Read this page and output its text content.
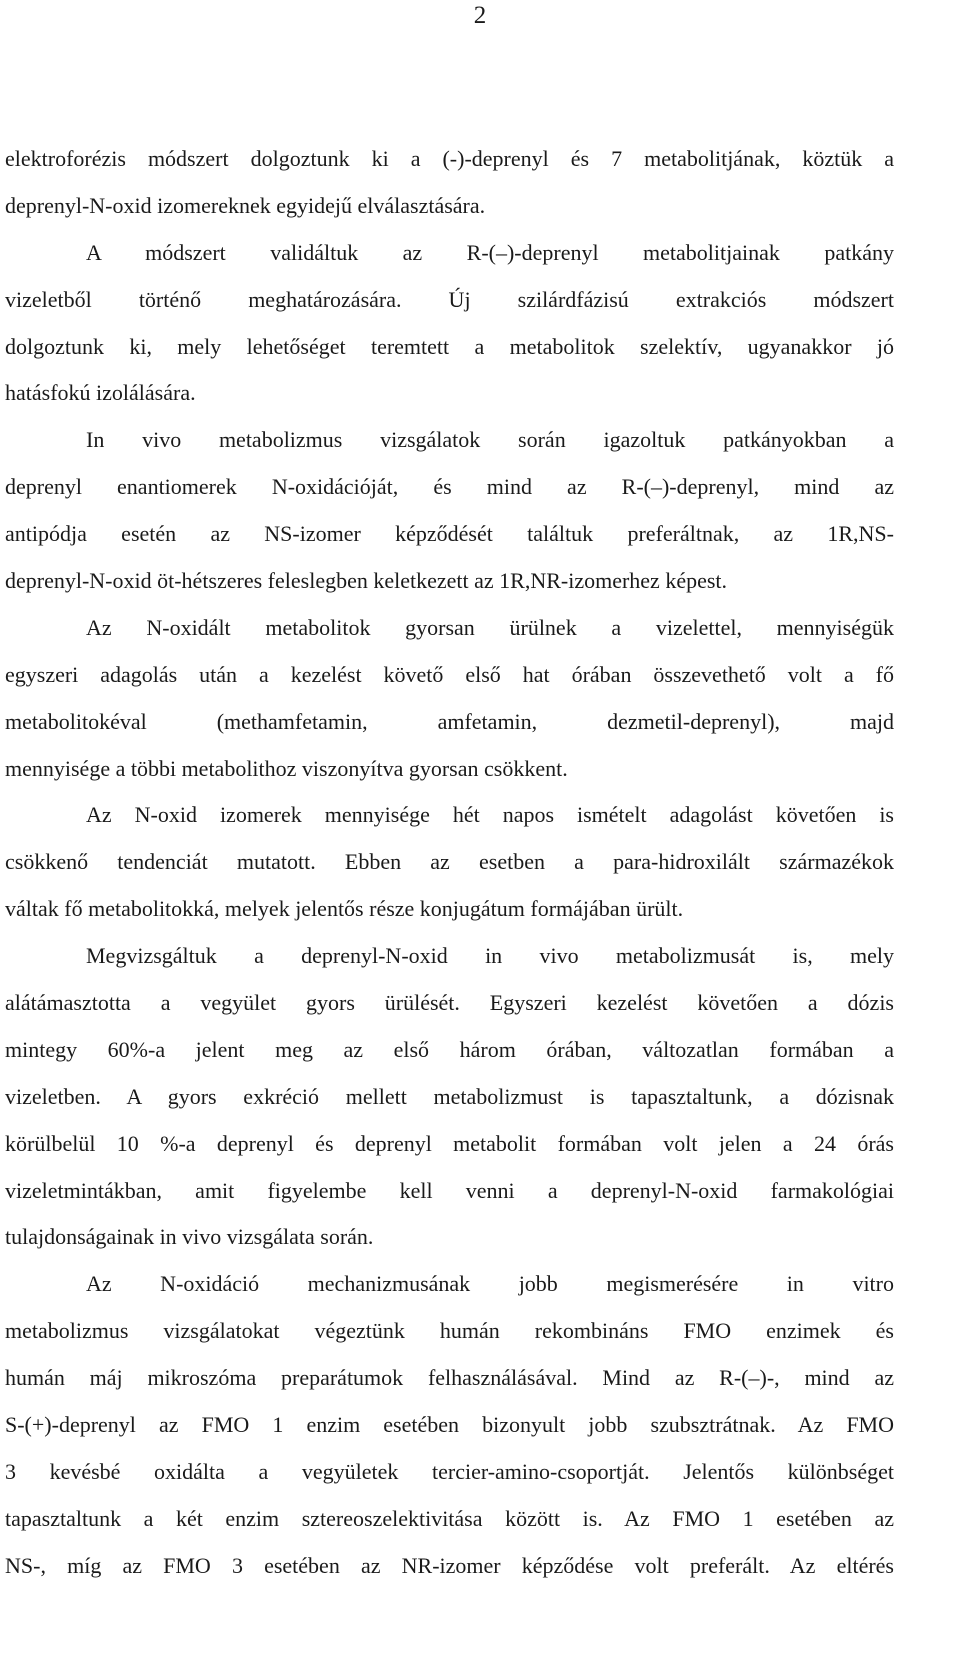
2
elektroforézis módszert dolgoztunk ki a (-)-deprenyl és 7 metabolitjának, köztük a
deprenyl-N-oxid izomereknek egyidejű elválasztására.
A módszert validáltuk az R-(–)-deprenyl metabolitjainak patkány
vizeletből történő meghatározására. Új szilárdfázisú extrakciós módszert
dolgoztunk ki, mely lehetőséget teremtett a metabolitok szelektív, ugyanakkor jó
hatásfokú izolálására.
In vivo metabolizmus vizsgálatok során igazoltuk patkányokban a
deprenyl enantiomerek N-oxidációját, és mind az R-(–)-deprenyl, mind az
antipódja esetén az NS-izomer képződését találtuk preferáltnak, az 1R,NS-
deprenyl-N-oxid öt-hétszeres feleslegben keletkezett az 1R,NR-izomerhez képest.
Az N-oxidált metabolitok gyorsan ürülnek a vizelettel, mennyiségük
egyszeri adagolás után a kezelést követő első hat órában összevethető volt a fő
metabolitokéval (methamfetamin, amfetamin, dezmetil-deprenyl), majd
mennyisége a többi metabolithoz viszonyítva gyorsan csökkent.
Az N-oxid izomerek mennyisége hét napos ismételt adagolást követően is
csökkenő tendenciát mutatott. Ebben az esetben a para-hidroxilált származékok
váltak fő metabolitokká, melyek jelentős része konjugátum formájában ürült.
Megvizsgáltuk a deprenyl-N-oxid in vivo metabolizmusát is, mely
alátámasztotta a vegyület gyors ürülését. Egyszeri kezelést követően a dózis
mintegy 60%-a jelent meg az első három órában, változatlan formában a
vizeletben. A gyors exkréció mellett metabolizmust is tapasztaltunk, a dózisnak
körülbelül 10 %-a deprenyl és deprenyl metabolit formában volt jelen a 24 órás
vizeletmintákban, amit figyelembe kell venni a deprenyl-N-oxid farmakológiai
tulajdonságainak in vivo vizsgálata során.
Az N-oxidáció mechanizmusának jobb megismerésére in vitro
metabolizmus vizsgálatokat végeztünk humán rekombináns FMO enzimek és
humán máj mikroszóma preparátumok felhasználásával. Mind az R-(–)-, mind az
S-(+)-deprenyl az FMO 1 enzim esetében bizonyult jobb szubsztrátnak. Az FMO
3 kevésbé oxidálta a vegyületek tercier-amino-csoportját. Jelentős különbséget
tapasztaltunk a két enzim sztereoszelektivitása között is. Az FMO 1 esetében az
NS-, míg az FMO 3 esetében az NR-izomer képződése volt preferált. Az eltérés
